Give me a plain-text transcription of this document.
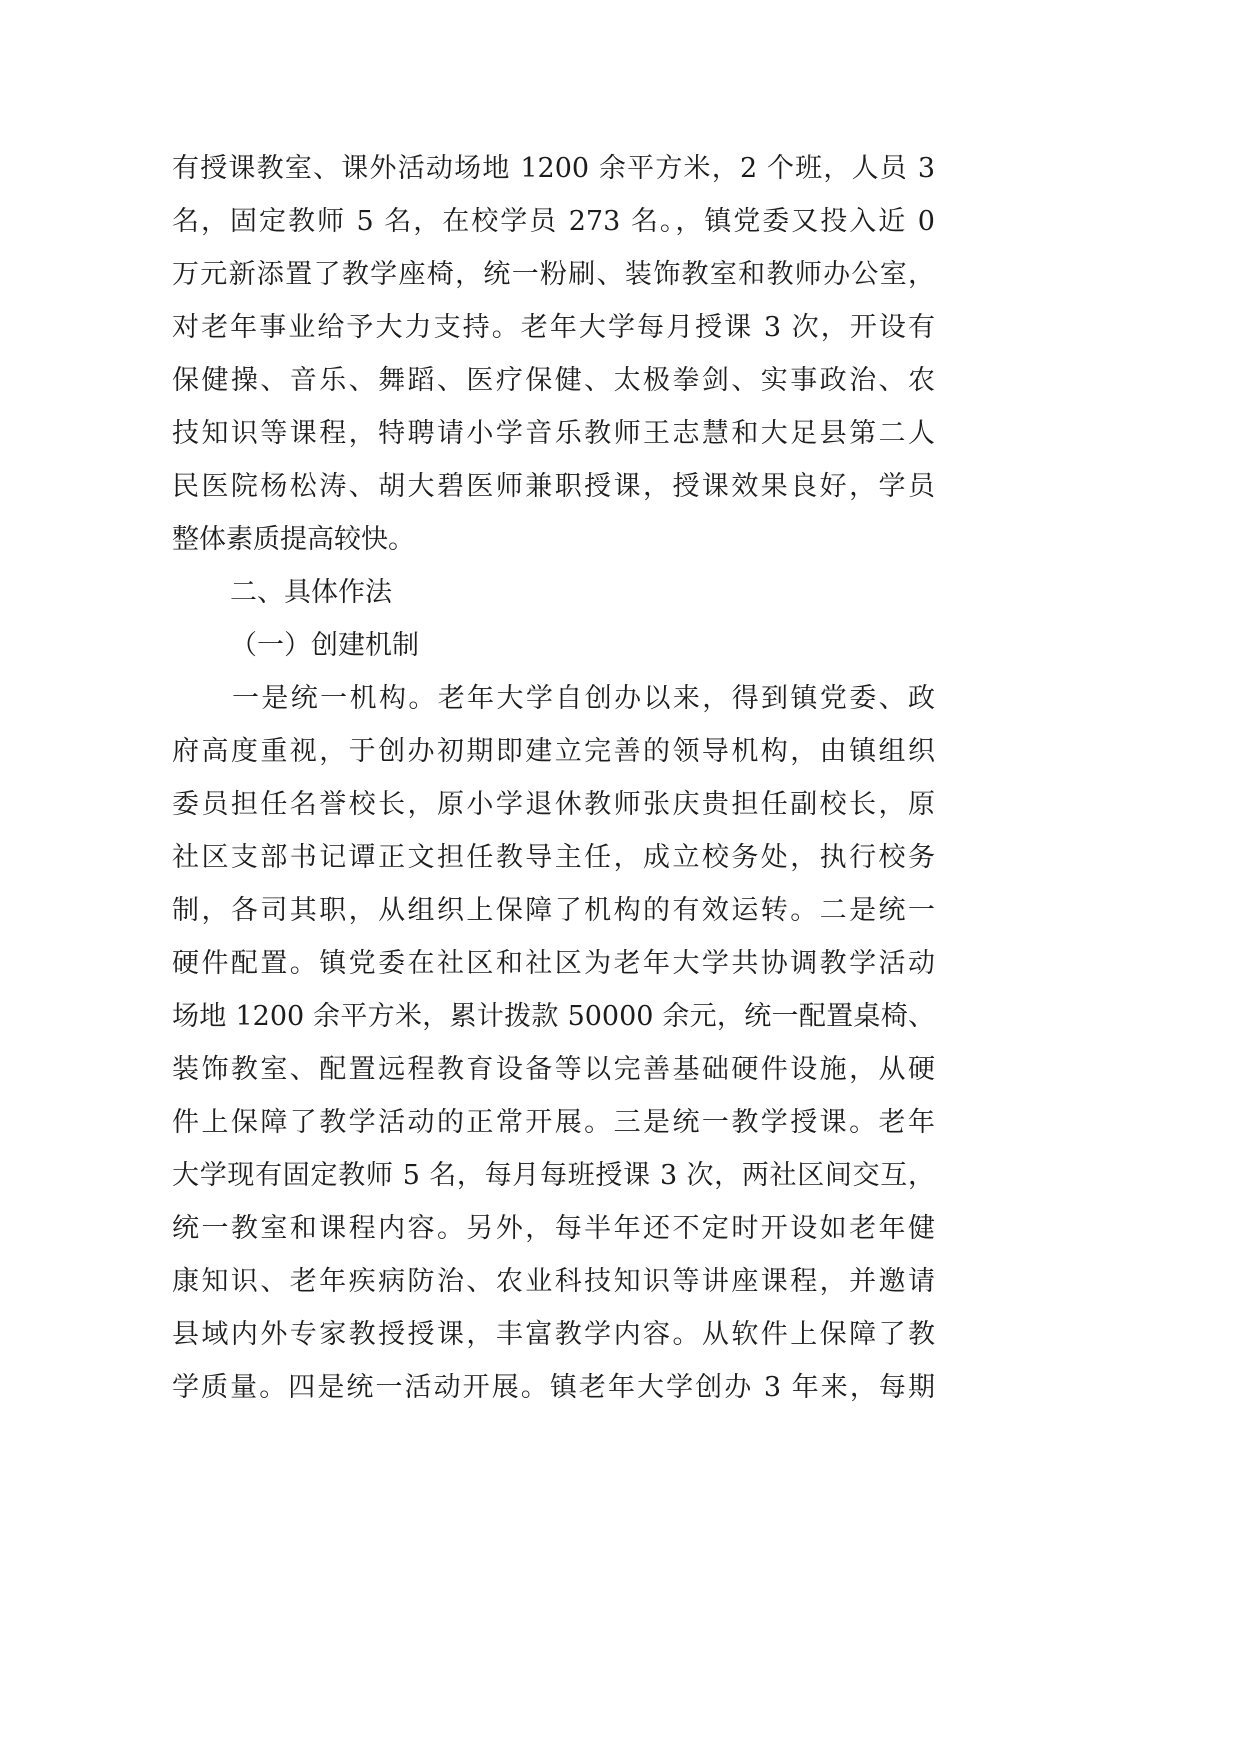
有授课教室、课外活动场地 1200 余平方米，2 个班，人员 3
名，固定教师 5 名，在校学员 273 名。，镇党委又投入近 0
万元新添置了教学座椅，统一粉刷、装饰教室和教师办公室，
对老年事业给予大力支持。老年大学每月授课 3 次，开设有
保健操、音乐、舞蹈、医疗保健、太极拳剑、实事政治、农
技知识等课程，特聘请小学音乐教师王志慧和大足县第二人
民医院杨松涛、胡大碧医师兼职授课，授课效果良好，学员
整体素质提高较快。
二、具体作法
（一）创建机制
一是统一机构。老年大学自创办以来，得到镇党委、政
府高度重视，于创办初期即建立完善的领导机构，由镇组织
委员担任名誉校长，原小学退休教师张庆贵担任副校长，原
社区支部书记谭正文担任教导主任，成立校务处，执行校务
制，各司其职，从组织上保障了机构的有效运转。二是统一
硬件配置。镇党委在社区和社区为老年大学共协调教学活动
场地 1200 余平方米，累计拨款 50000 余元，统一配置桌椅、
装饰教室、配置远程教育设备等以完善基础硬件设施，从硬
件上保障了教学活动的正常开展。三是统一教学授课。老年
大学现有固定教师 5 名，每月每班授课 3 次，两社区间交互，
统一教室和课程内容。另外，每半年还不定时开设如老年健
康知识、老年疾病防治、农业科技知识等讲座课程，并邀请
县域内外专家教授授课，丰富教学内容。从软件上保障了教
学质量。四是统一活动开展。镇老年大学创办 3 年来，每期
